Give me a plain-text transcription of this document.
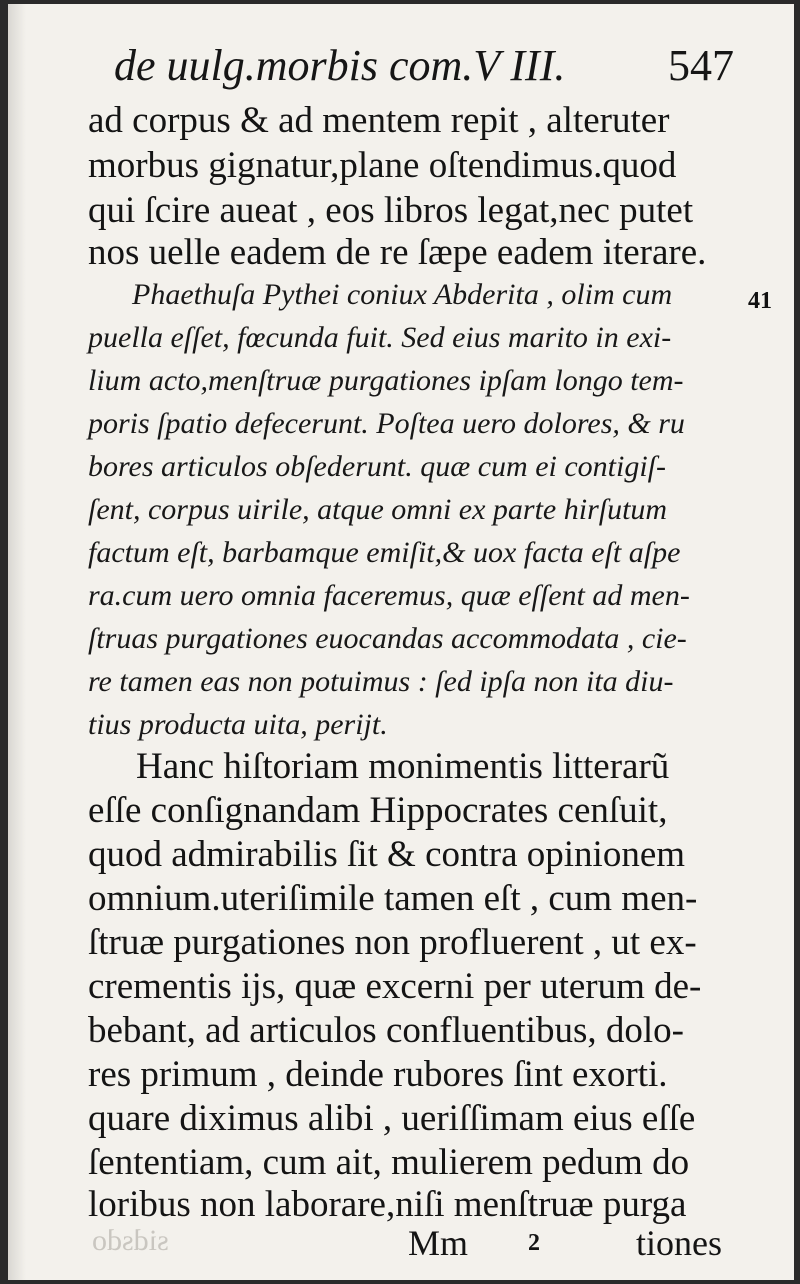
de uulg.morbis com.V III. 547
ad corpus & ad mentem repit , alteruter
morbus gignatur,plane oſtendimus.quod
qui ſcire aueat , eos libros legat,nec putet
nos uelle eadem de re ſæpe eadem iterare.
Phaethuſa Pythei coniux Abderita , olim cum
puella eſſet, fœcunda fuit. Sed eius marito in exi-
lium acto,menſtruæ purgationes ipſam longo tem-
poris ſpatio defecerunt. Poſtea uero dolores, & ru
bores articulos obſederunt. quæ cum ei contigiſ-
ſent, corpus uirile, atque omni ex parte hirſutum
factum eſt, barbamque emiſit,& uox facta eſt aſpe
ra.cum uero omnia faceremus, quæ eſſent ad men-
ſtruas purgationes euocandas accommodata , cie-
re tamen eas non potuimus : ſed ipſa non ita diu-
tius producta uita, periјt.
41
Hanc hiſtoriam monimentis litterarũ
eſſe conſignandam Hippocrates cenſuit,
quod admirabilis ſit & contra opinionem
omnium.uteriſimile tamen eſt , cum men-
ſtruæ purgationes non profluerent , ut ex-
crementis iјs, quæ excerni per uterum de-
bebant, ad articulos confluentibus, dolo-
res primum , deinde rubores ſint exorti.
quare diximus alibi , ueriſſimam eius eſſe
ſententiam, cum ait, mulierem pedum do
loribus non laborare,niſi menſtruæ purga
sidsdo	Mm 2	tiones
